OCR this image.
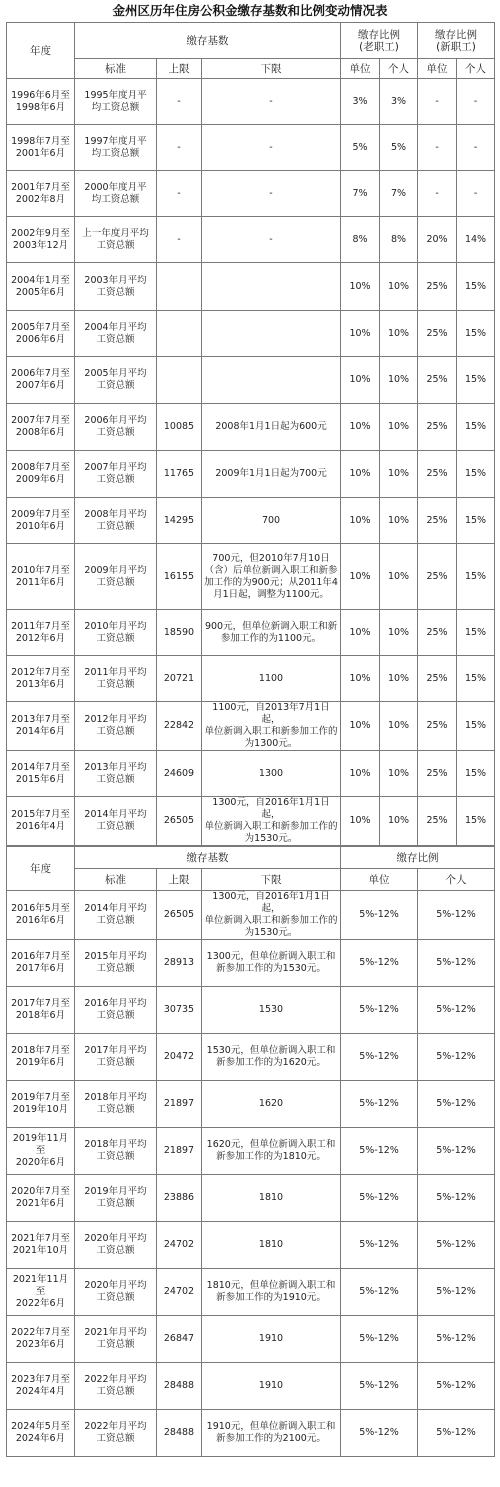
金州区历年住房公积金缴存基数和比例变动情况表
年度	缴存基数			缴存比例
(老职工)		缴存比例
(新职工)	
	标准	上限	下限	单位	个人	单位	个人
1996年6月至
1998年6月	1995年度月平
均工资总额	-	-	3%	3%	-	-
1998年7月至
2001年6月	1997年度月平
均工资总额	-	-	5%	5%	-	-
2001年7月至
2002年8月	2000年度月平
均工资总额	-	-	7%	7%	-	-
2002年9月至
2003年12月	上一年度月平均
工资总额	-	-	8%	8%	20%	14%
2004年1月至
2005年6月	2003年月平均
工资总额			10%	10%	25%	15%
2005年7月至
2006年6月	2004年月平均
工资总额			10%	10%	25%	15%
2006年7月至
2007年6月	2005年月平均
工资总额			10%	10%	25%	15%
2007年7月至
2008年6月	2006年月平均
工资总额	10085	2008年1月1日起为600元	10%	10%	25%	15%
2008年7月至
2009年6月	2007年月平均
工资总额	11765	2009年1月1日起为700元	10%	10%	25%	15%
2009年7月至
2010年6月	2008年月平均
工资总额	14295	700	10%	10%	25%	15%
2010年7月至
2011年6月	2009年月平均
工资总额	16155	700元，但2010年7月10日
（含）后单位新调入职工和新参
加工作的为900元；从2011年4
月1日起，调整为1100元。	10%	10%	25%	15%
2011年7月至
2012年6月	2010年月平均
工资总额	18590	900元，但单位新调入职工和新
参加工作的为1100元。	10%	10%	25%	15%
2012年7月至
2013年6月	2011年月平均
工资总额	20721	1100	10%	10%	25%	15%
2013年7月至
2014年6月	2012年月平均
工资总额	22842	1100元，自2013年7月1日起，
单位新调入职工和新参加工作的
为1300元。	10%	10%	25%	15%
2014年7月至
2015年6月	2013年月平均
工资总额	24609	1300	10%	10%	25%	15%
2015年7月至
2016年4月	2014年月平均
工资总额	26505	1300元，自2016年1月1日起，
单位新调入职工和新参加工作的
为1530元。	10%	10%	25%	15%
年度	缴存基数			缴存比例	
	标准	上限	下限	单位	个人
2016年5月至
2016年6月	2014年月平均
工资总额	26505	1300元，自2016年1月1日起，
单位新调入职工和新参加工作的
为1530元。	5%-12%	5%-12%
2016年7月至
2017年6月	2015年月平均
工资总额	28913	1300元，但单位新调入职工和
新参加工作的为1530元。	5%-12%	5%-12%
2017年7月至
2018年6月	2016年月平均
工资总额	30735	1530	5%-12%	5%-12%
2018年7月至
2019年6月	2017年月平均
工资总额	20472	1530元，但单位新调入职工和
新参加工作的为1620元。	5%-12%	5%-12%
2019年7月至
2019年10月	2018年月平均
工资总额	21897	1620	5%-12%	5%-12%
2019年11月至
2020年6月	2018年月平均
工资总额	21897	1620元，但单位新调入职工和
新参加工作的为1810元。	5%-12%	5%-12%
2020年7月至
2021年6月	2019年月平均
工资总额	23886	1810	5%-12%	5%-12%
2021年7月至
2021年10月	2020年月平均
工资总额	24702	1810	5%-12%	5%-12%
2021年11月至
2022年6月	2020年月平均
工资总额	24702	1810元，但单位新调入职工和
新参加工作的为1910元。	5%-12%	5%-12%
2022年7月至
2023年6月	2021年月平均
工资总额	26847	1910	5%-12%	5%-12%
2023年7月至
2024年4月	2022年月平均
工资总额	28488	1910	5%-12%	5%-12%
2024年5月至
2024年6月	2022年月平均
工资总额	28488	1910元，但单位新调入职工和
新参加工作的为2100元。	5%-12%	5%-12%
